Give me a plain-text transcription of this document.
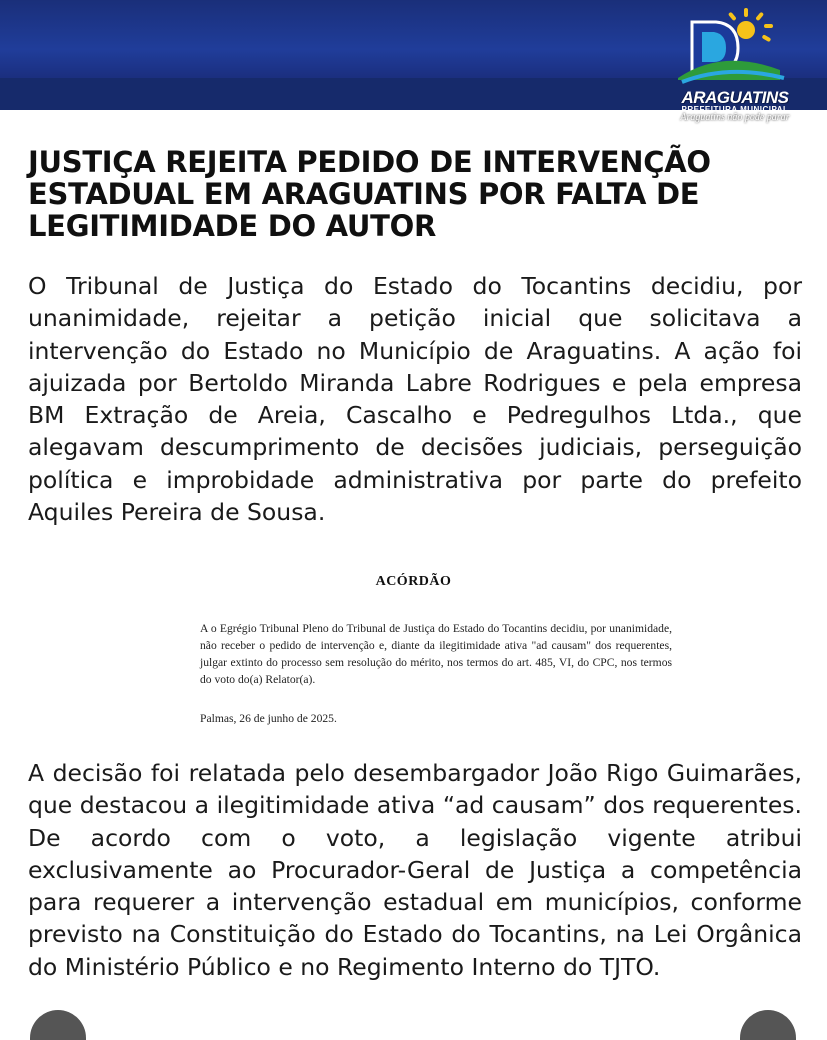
ARAGUATINS
PREFEITURA MUNICIPAL
Araguatins não pode parar
JUSTIÇA REJEITA PEDIDO DE INTERVENÇÃO ESTADUAL EM ARAGUATINS POR FALTA DE LEGITIMIDADE DO AUTOR

O Tribunal de Justiça do Estado do Tocantins decidiu, por unanimidade, rejeitar a petição inicial que solicitava a intervenção do Estado no Município de Araguatins. A ação foi ajuizada por Bertoldo Miranda Labre Rodrigues e pela empresa BM Extração de Areia, Cascalho e Pedregulhos Ltda., que alegavam descumprimento de decisões judiciais, perseguição política e improbidade administrativa por parte do prefeito Aquiles Pereira de Sousa.

ACÓRDÃO

A o Egrégio Tribunal Pleno do Tribunal de Justiça do Estado do Tocantins decidiu, por unanimidade, não receber o pedido de intervenção e, diante da ilegitimidade ativa "ad causam" dos requerentes, julgar extinto do processo sem resolução do mérito, nos termos do art. 485, VI, do CPC, nos termos do voto do(a) Relator(a).

Palmas, 26 de junho de 2025.

A decisão foi relatada pelo desembargador João Rigo Guimarães, que destacou a ilegitimidade ativa “ad causam” dos requerentes. De acordo com o voto, a legislação vigente atribui exclusivamente ao Procurador-Geral de Justiça a competência para requerer a intervenção estadual em municípios, conforme previsto na Constituição do Estado do Tocantins, na Lei Orgânica do Ministério Público e no Regimento Interno do TJTO.
